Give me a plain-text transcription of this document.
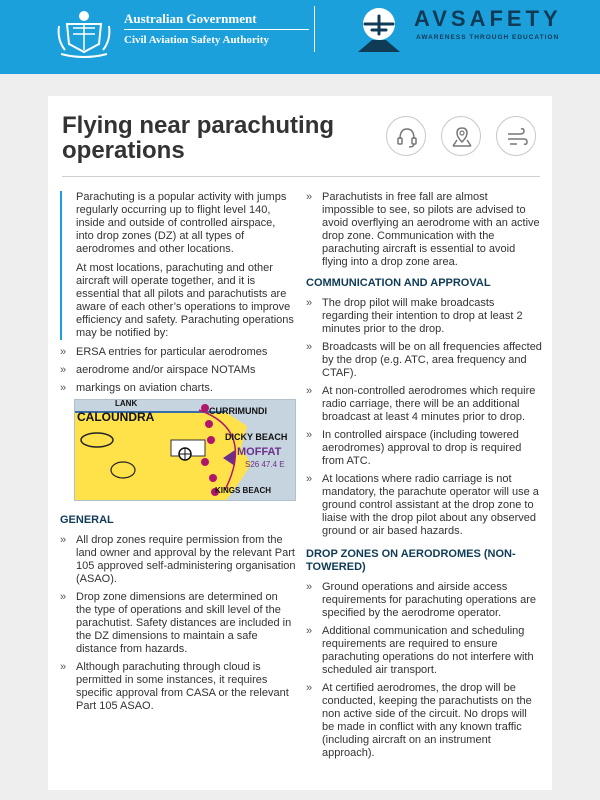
Australian Government
Civil Aviation Safety Authority
AVSAFETY
AWARENESS THROUGH EDUCATION
Flying near parachuting operations

Parachuting is a popular activity with jumps regularly occurring up to flight level 140, inside and outside of controlled airspace, into drop zones (DZ) at all types of aerodromes and other locations.

At most locations, parachuting and other aircraft will operate together, and it is essential that all pilots and parachutists are aware of each other’s operations to improve efficiency and safety. Parachuting operations may be notified by:

» ERSA entries for particular aerodromes
» aerodrome and/or airspace NOTAMs
» markings on aviation charts.
LANK
CALOUNDRA	CURRIMUNDI
DICKY BEACH
MOFFAT
S26 47.4 E
KINGS BEACH
GENERAL
» All drop zones require permission from the land owner and approval by the relevant Part 105 approved self-administering organisation (ASAO).
» Drop zone dimensions are determined on the type of operations and skill level of the parachutist. Safety distances are included in the DZ dimensions to maintain a safe distance from hazards.
» Although parachuting through cloud is permitted in some instances, it requires specific approval from CASA or the relevant Part 105 ASAO.
» Parachutists in free fall are almost impossible to see, so pilots are advised to avoid overflying an aerodrome with an active drop zone. Communication with the parachuting aircraft is essential to avoid flying into a drop zone area.
COMMUNICATION AND APPROVAL
» The drop pilot will make broadcasts regarding their intention to drop at least 2 minutes prior to the drop.
» Broadcasts will be on all frequencies affected by the drop (e.g. ATC, area frequency and CTAF).
» At non-controlled aerodromes which require radio carriage, there will be an additional broadcast at least 4 minutes prior to drop.
» In controlled airspace (including towered aerodromes) approval to drop is required from ATC.
» At locations where radio carriage is not mandatory, the parachute operator will use a ground control assistant at the drop zone to liaise with the drop pilot about any observed ground or air based hazards.
DROP ZONES ON AERODROMES (NON-TOWERED)
» Ground operations and airside access requirements for parachuting operations are specified by the aerodrome operator.
» Additional communication and scheduling requirements are required to ensure parachuting operations do not interfere with scheduled air transport.
» At certified aerodromes, the drop will be conducted, keeping the parachutists on the non active side of the circuit. No drops will be made in conflict with any known traffic (including aircraft on an instrument approach).
